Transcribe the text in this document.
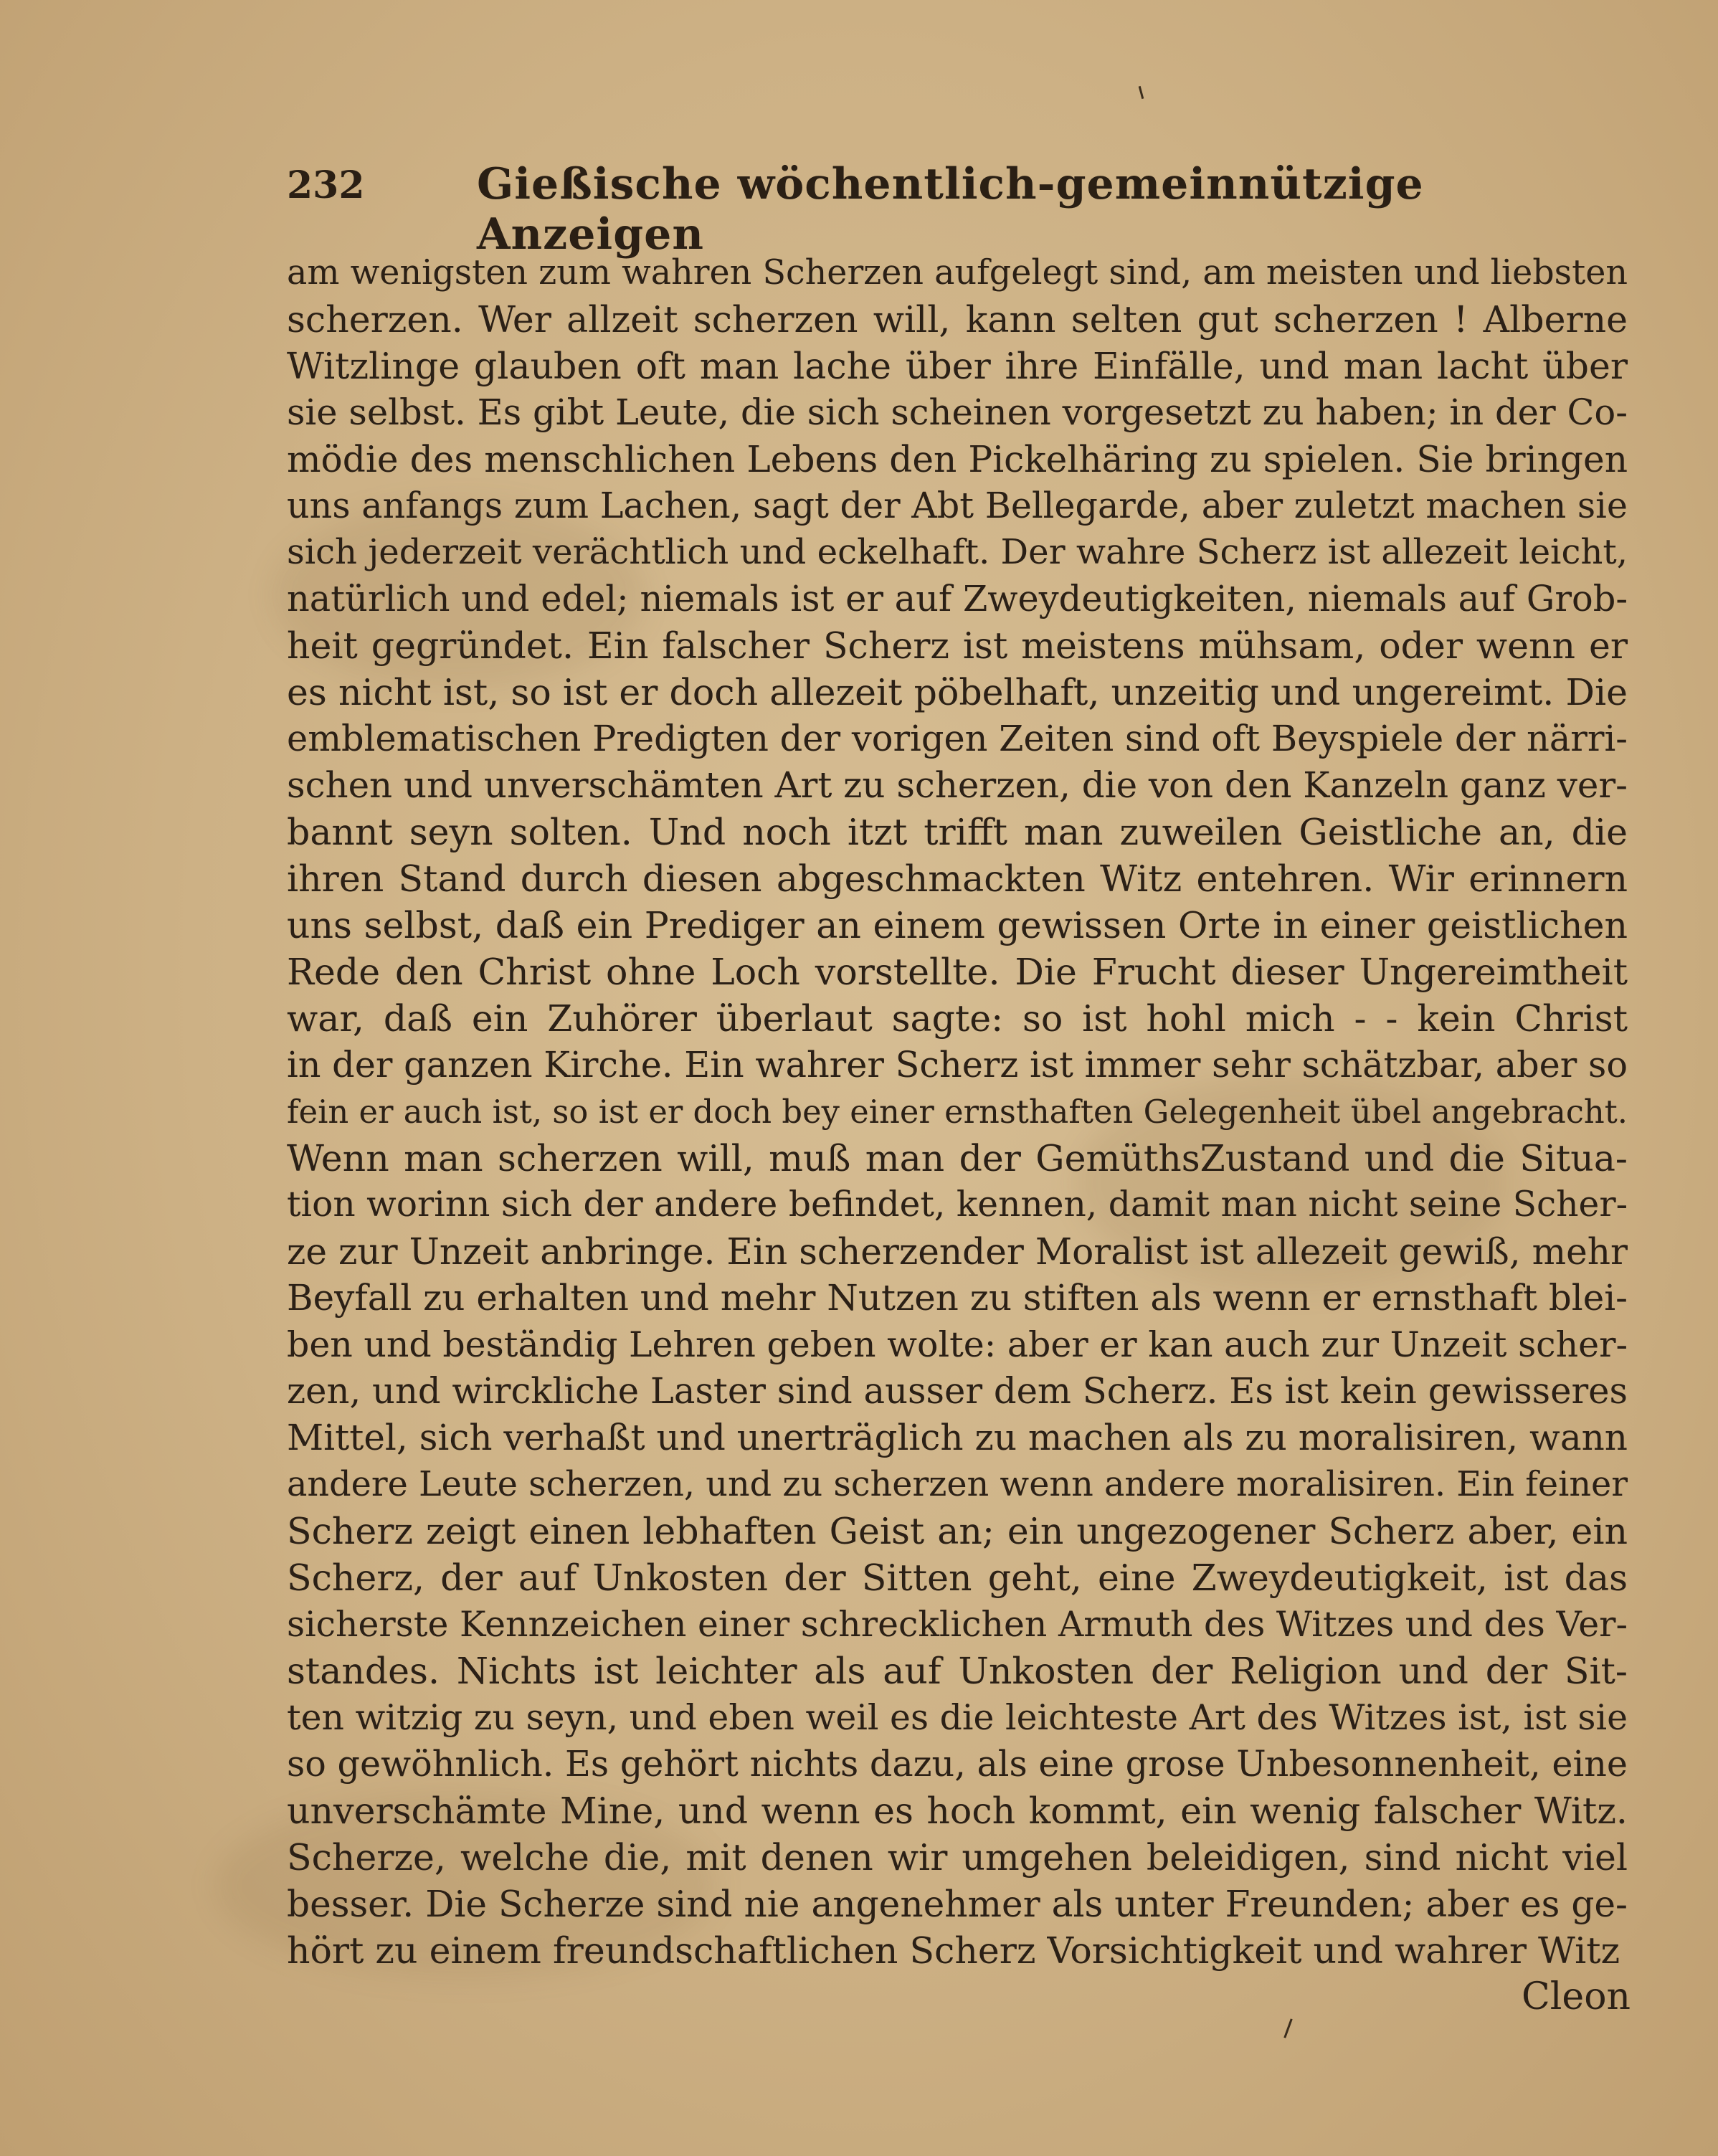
232	Gießische wöchentlich-gemeinnützige Anzeigen
am wenigsten zum wahren Scherzen aufgelegt sind, am meisten und liebsten
scherzen. Wer allzeit scherzen will, kann selten gut scherzen ! Alberne
Witzlinge glauben oft man lache über ihre Einfälle, und man lacht über
sie selbst. Es gibt Leute, die sich scheinen vorgesetzt zu haben; in der Co-
mödie des menschlichen Lebens den Pickelhäring zu spielen. Sie bringen
uns anfangs zum Lachen, sagt der Abt Bellegarde, aber zuletzt machen sie
sich jederzeit verächtlich und eckelhaft. Der wahre Scherz ist allezeit leicht,
natürlich und edel; niemals ist er auf Zweydeutigkeiten, niemals auf Grob-
heit gegründet. Ein falscher Scherz ist meistens mühsam, oder wenn er
es nicht ist, so ist er doch allezeit pöbelhaft, unzeitig und ungereimt. Die
emblematischen Predigten der vorigen Zeiten sind oft Beyspiele der närri-
schen und unverschämten Art zu scherzen, die von den Kanzeln ganz ver-
bannt seyn solten. Und noch itzt trifft man zuweilen Geistliche an, die
ihren Stand durch diesen abgeschmackten Witz entehren. Wir erinnern
uns selbst, daß ein Prediger an einem gewissen Orte in einer geistlichen
Rede den Christ ohne Loch vorstellte. Die Frucht dieser Ungereimtheit
war, daß ein Zuhörer überlaut sagte: so ist hohl mich - - kein Christ
in der ganzen Kirche. Ein wahrer Scherz ist immer sehr schätzbar, aber so
fein er auch ist, so ist er doch bey einer ernsthaften Gelegenheit übel angebracht.
Wenn man scherzen will, muß man der GemüthsZustand und die Situa-
tion worinn sich der andere befindet, kennen, damit man nicht seine Scher-
ze zur Unzeit anbringe. Ein scherzender Moralist ist allezeit gewiß, mehr
Beyfall zu erhalten und mehr Nutzen zu stiften als wenn er ernsthaft blei-
ben und beständig Lehren geben wolte: aber er kan auch zur Unzeit scher-
zen, und wirckliche Laster sind ausser dem Scherz. Es ist kein gewisseres
Mittel, sich verhaßt und unerträglich zu machen als zu moralisiren, wann
andere Leute scherzen, und zu scherzen wenn andere moralisiren. Ein feiner
Scherz zeigt einen lebhaften Geist an; ein ungezogener Scherz aber, ein
Scherz, der auf Unkosten der Sitten geht, eine Zweydeutigkeit, ist das
sicherste Kennzeichen einer schrecklichen Armuth des Witzes und des Ver-
standes. Nichts ist leichter als auf Unkosten der Religion und der Sit-
ten witzig zu seyn, und eben weil es die leichteste Art des Witzes ist, ist sie
so gewöhnlich. Es gehört nichts dazu, als eine grose Unbesonnenheit, eine
unverschämte Mine, und wenn es hoch kommt, ein wenig falscher Witz.
Scherze, welche die, mit denen wir umgehen beleidigen, sind nicht viel
besser. Die Scherze sind nie angenehmer als unter Freunden; aber es ge-
hört zu einem freundschaftlichen Scherz Vorsichtigkeit und wahrer Witz
Cleon
